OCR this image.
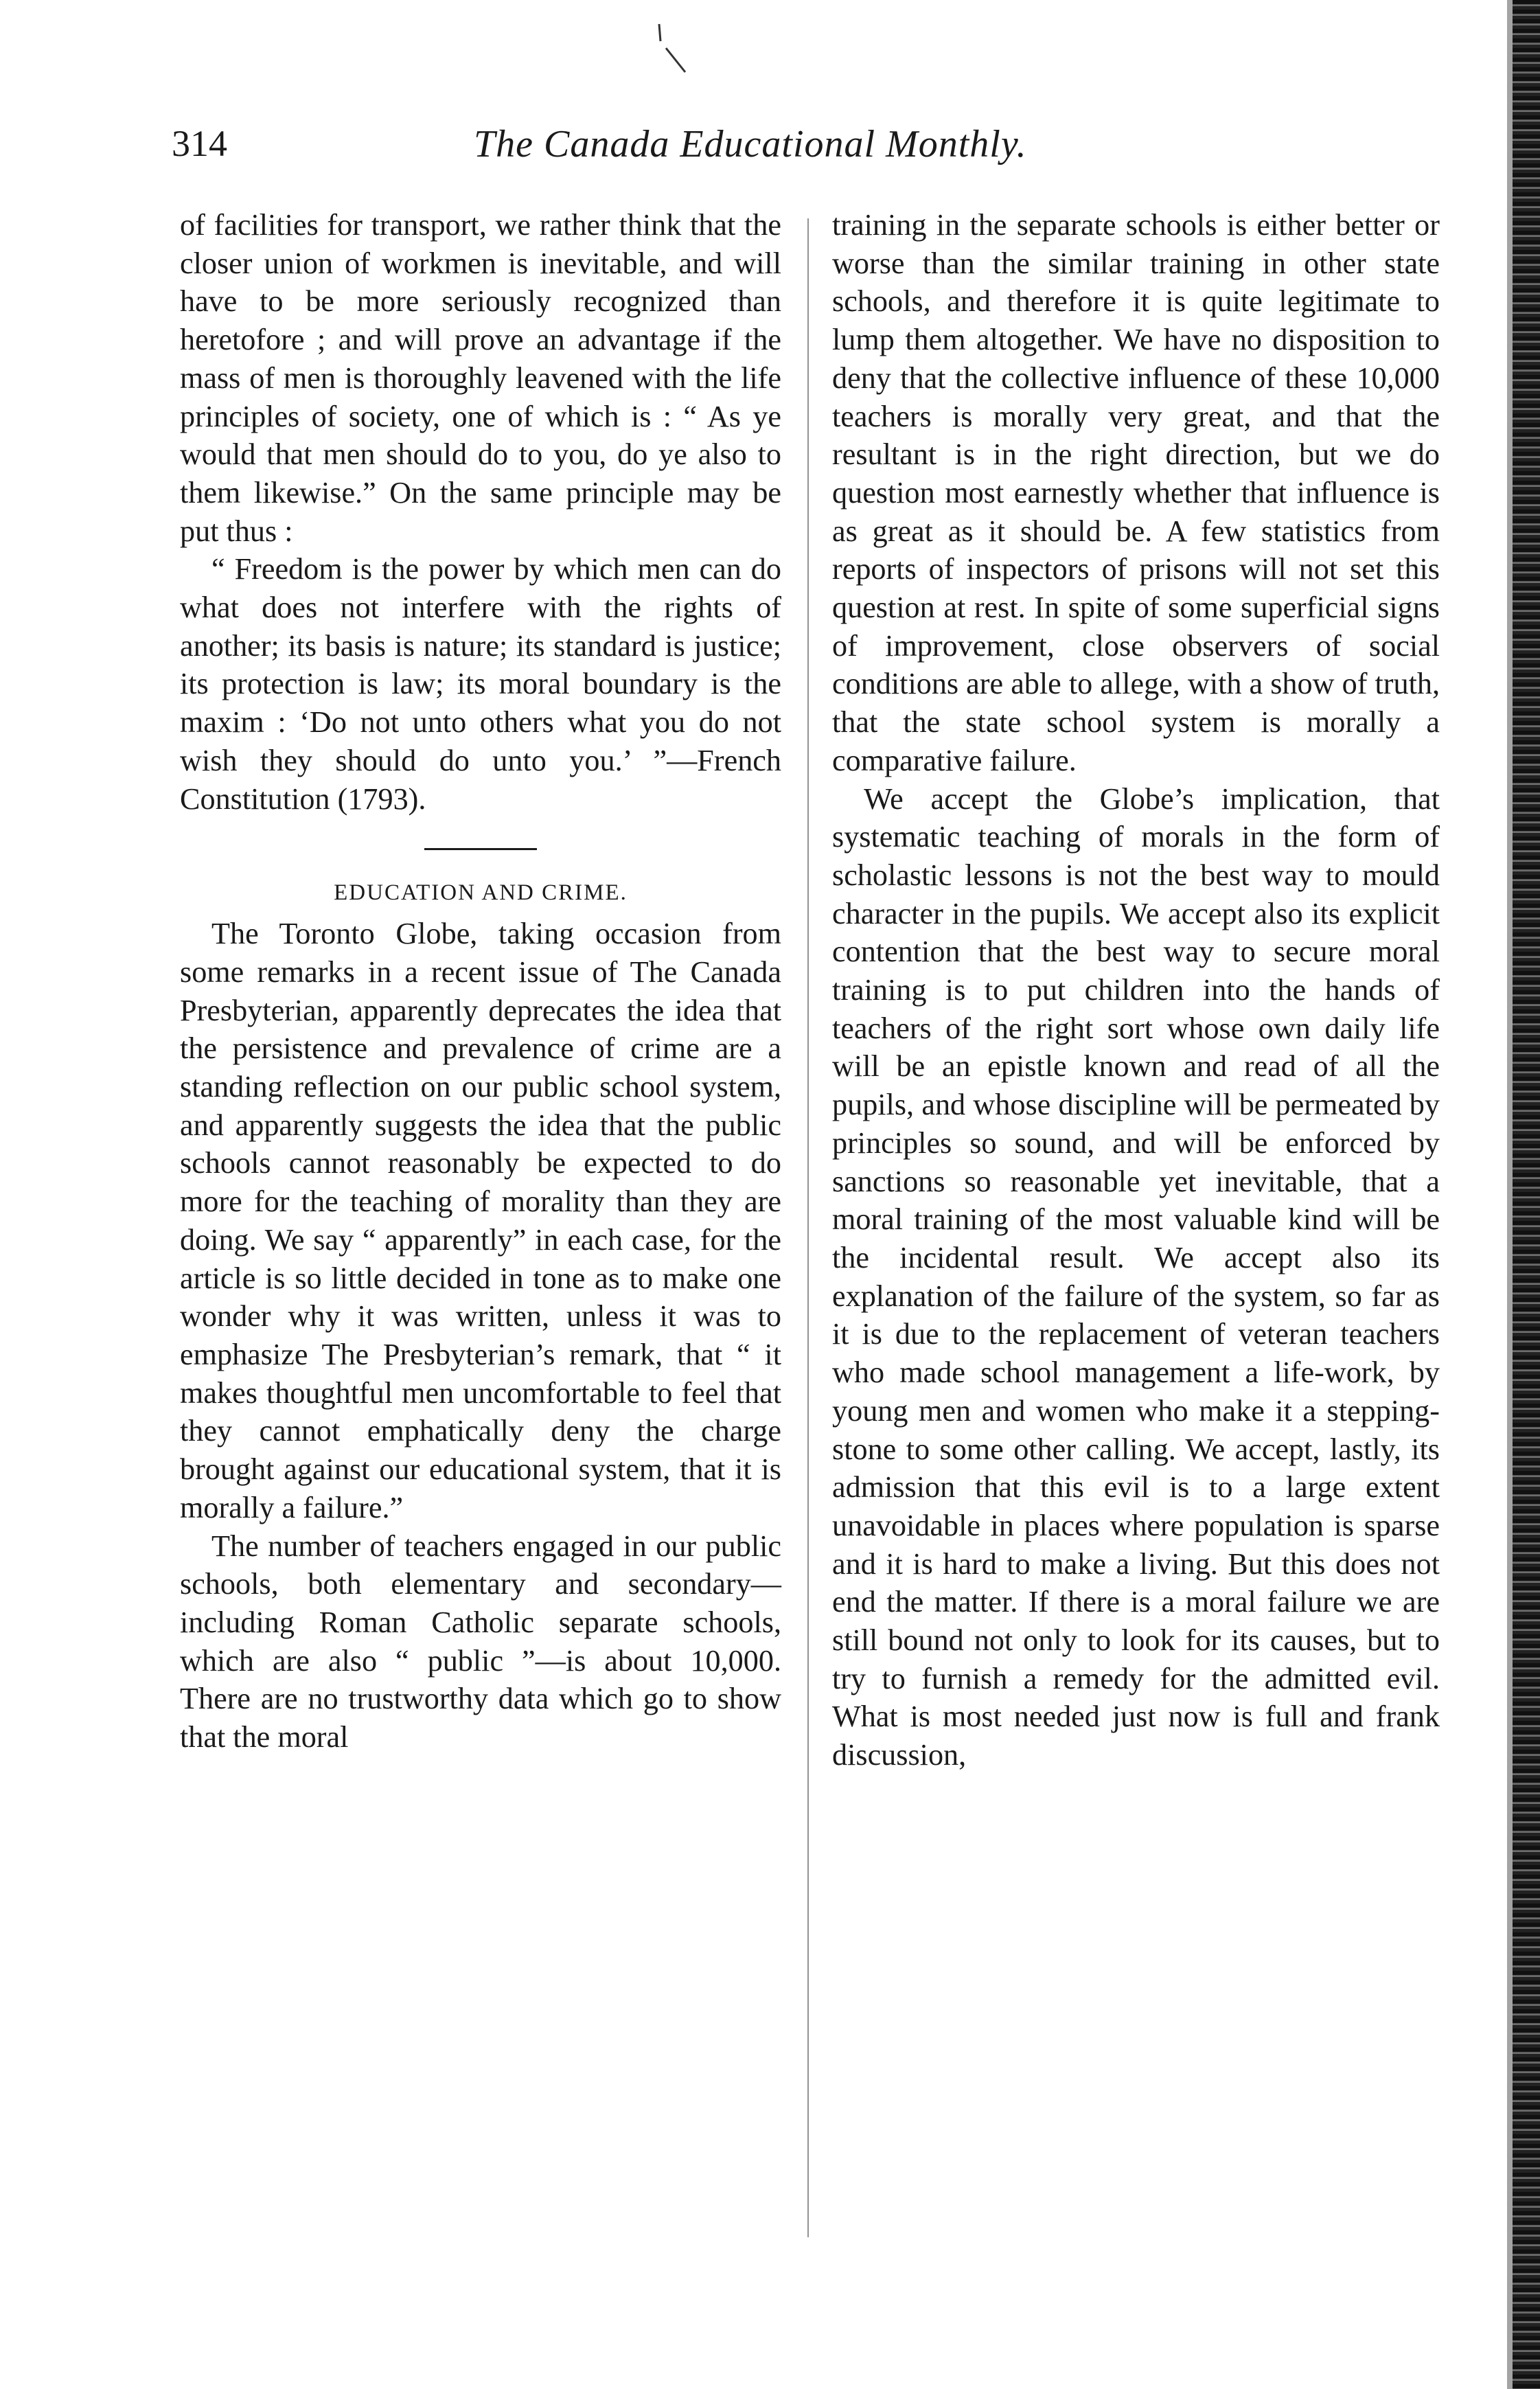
314	The Canada Educational Monthly.

of facilities for transport, we rather think that the closer union of workmen is inevitable, and will have to be more seriously recognized than heretofore ; and will prove an advantage if the mass of men is thoroughly leavened with the life principles of society, one of which is : “ As ye would that men should do to you, do ye also to them likewise.” On the same principle may be put thus :

“ Freedom is the power by which men can do what does not interfere with the rights of another; its basis is nature; its standard is justice; its protection is law; its moral boundary is the maxim : ‘Do not unto others what you do not wish they should do unto you.’ ”—French Constitution (1793).

EDUCATION AND CRIME.

The Toronto Globe, taking occasion from some remarks in a recent issue of The Canada Presbyterian, apparently deprecates the idea that the persistence and prevalence of crime are a standing reflection on our public school system, and apparently suggests the idea that the public schools cannot reasonably be expected to do more for the teaching of morality than they are doing. We say “ apparently” in each case, for the article is so little decided in tone as to make one wonder why it was written, unless it was to emphasize The Presbyterian’s remark, that “ it makes thoughtful men uncomfortable to feel that they cannot emphatically deny the charge brought against our educational system, that it is morally a failure.”

The number of teachers engaged in our public schools, both elementary and secondary—including Roman Catholic separate schools, which are also “ public ”—is about 10,000. There are no trustworthy data which go to show that the moral

training in the separate schools is either better or worse than the similar training in other state schools, and therefore it is quite legitimate to lump them altogether. We have no disposition to deny that the collective influence of these 10,000 teachers is morally very great, and that the resultant is in the right direction, but we do question most earnestly whether that influence is as great as it should be. A few statistics from reports of inspectors of prisons will not set this question at rest. In spite of some superficial signs of improvement, close observers of social conditions are able to allege, with a show of truth, that the state school system is morally a comparative failure.

We accept the Globe’s implication, that systematic teaching of morals in the form of scholastic lessons is not the best way to mould character in the pupils. We accept also its explicit contention that the best way to secure moral training is to put children into the hands of teachers of the right sort whose own daily life will be an epistle known and read of all the pupils, and whose discipline will be permeated by principles so sound, and will be enforced by sanctions so reasonable yet inevitable, that a moral training of the most valuable kind will be the incidental result. We accept also its explanation of the failure of the system, so far as it is due to the replacement of veteran teachers who made school management a life-work, by young men and women who make it a stepping-stone to some other calling. We accept, lastly, its admission that this evil is to a large extent unavoidable in places where population is sparse and it is hard to make a living. But this does not end the matter. If there is a moral failure we are still bound not only to look for its causes, but to try to furnish a remedy for the admitted evil. What is most needed just now is full and frank discussion,
